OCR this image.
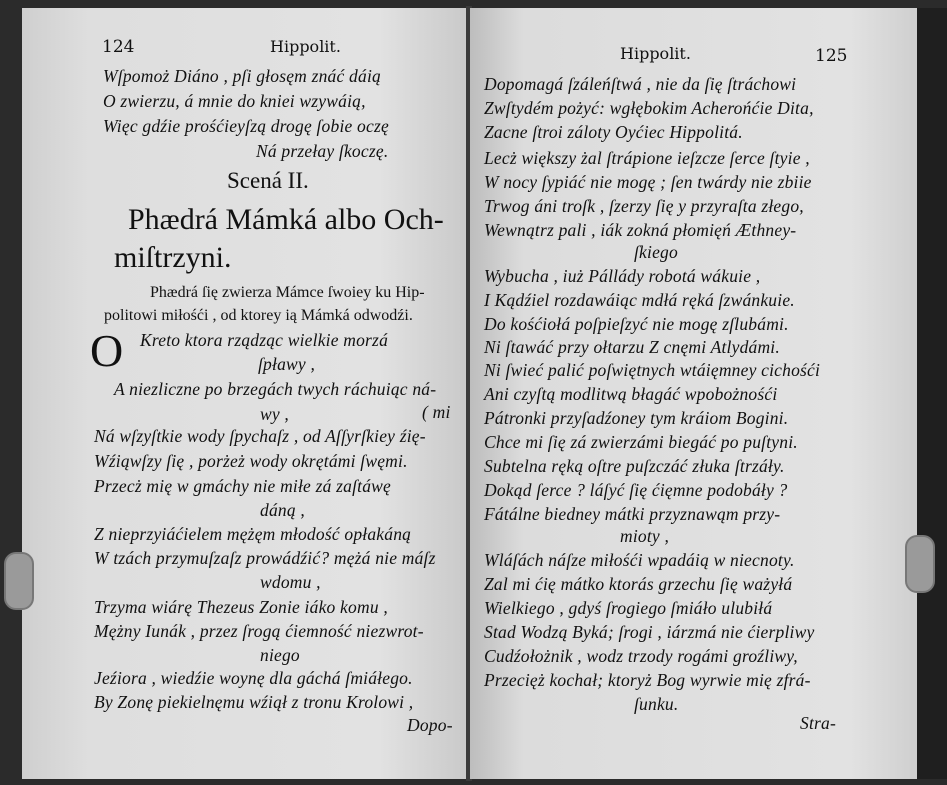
124	Hippolit.
Wſpomoż Diáno , pſi głosęm znáć dáią
O zwierzu, á mnie do kniei wzywáią,
Więc gdźie prośćieyſzą drogę ſobie oczę
Ná przełay ſkoczę.
Scená II.
Phædrá Mámká albo Och-
miſtrzyni.
Phædrá ſię zwierza Mámce ſwoiey ku Hip-
politowi miłośći , od ktorey ią Mámká odwodźi.
O Kreto ktora rządząc wielkie morzá
ſpławy ,
A niezliczne po brzegách twych ráchuiąc ná-
wy ,	( mi
Ná wſzyſtkie wody ſpychaſz , od Aſſyrſkiey źię-
Wźiąwſzy ſię , porżeż wody okrętámi ſwęmi.
Przecż mię w gmáchy nie miłe zá zaſtáwę
dáną ,
Z nieprzyiáćielem mężęm młodość opłakáną
W tzách przymuſzaſz prowádźić? mężá nie máſz
wdomu ,
Trzyma wiárę Thezeus Zonie iáko komu ,
Mężny Iunák , przez ſrogą ćiemność niezwrot-
niego
Jeźiora , wiedźie woynę dla gáchá ſmiáłego.
By Zonę piekielnęmu wźiął z tronu Krolowi ,
Dopo-
Hippolit.	125
Dopomagá ſzáleńſtwá , nie da ſię ſtráchowi
Zwſtydém pożyć: wgłębokim Acherońćie Dita,
Zacne ſtroi záloty Oyćiec Hippolitá.
Lecż większy żal ſtrápione ieſzcze ſerce ſtyie ,
W nocy ſypiáć nie mogę ; ſen twárdy nie zbiie
Trwog áni troſk , ſzerzy ſię y przyraſta złego,
Wewnątrz pali , iák zokná płomięń Æthney-
ſkiego
Wybucha , iuż Pállády robotá wákuie ,
I Kądźiel rozdawáiąc mdłá ręká ſzwánkuie.
Do kośćiołá poſpieſzyć nie mogę zſlubámi.
Ni ſtawáć przy ołtarzu Z cnęmi Atlydámi.
Ni ſwieć palić poſwiętnych wtáięmney cichośći
Ani czyſtą modlitwą błagáć wpobożnośći
Pátronki przyſadźoney tym kráiom Bogini.
Chce mi ſię zá zwierzámi biegáć po puſtyni.
Subtelna ręką oſtre puſzczáć złuka ſtrzáły.
Dokąd ſerce ? láſyć ſię ćięmne podobáły ?
Fátálne biedney mátki przyznawąm przy-
mioty ,
Wláſách náſze miłośći wpadáią w niecnoty.
Zal mi ćię mátko ktorás grzechu ſię ważyłá
Wielkiego , gdyś ſrogiego ſmiáło ulubiłá
Stad Wodzą Byká; ſrogi , iárzmá nie ćierpliwy
Cudźołożnik , wodz trzody rogámi groźliwy,
Przecięż kochał; ktoryż Bog wyrwie mię zfrá-
ſunku.
Stra-
